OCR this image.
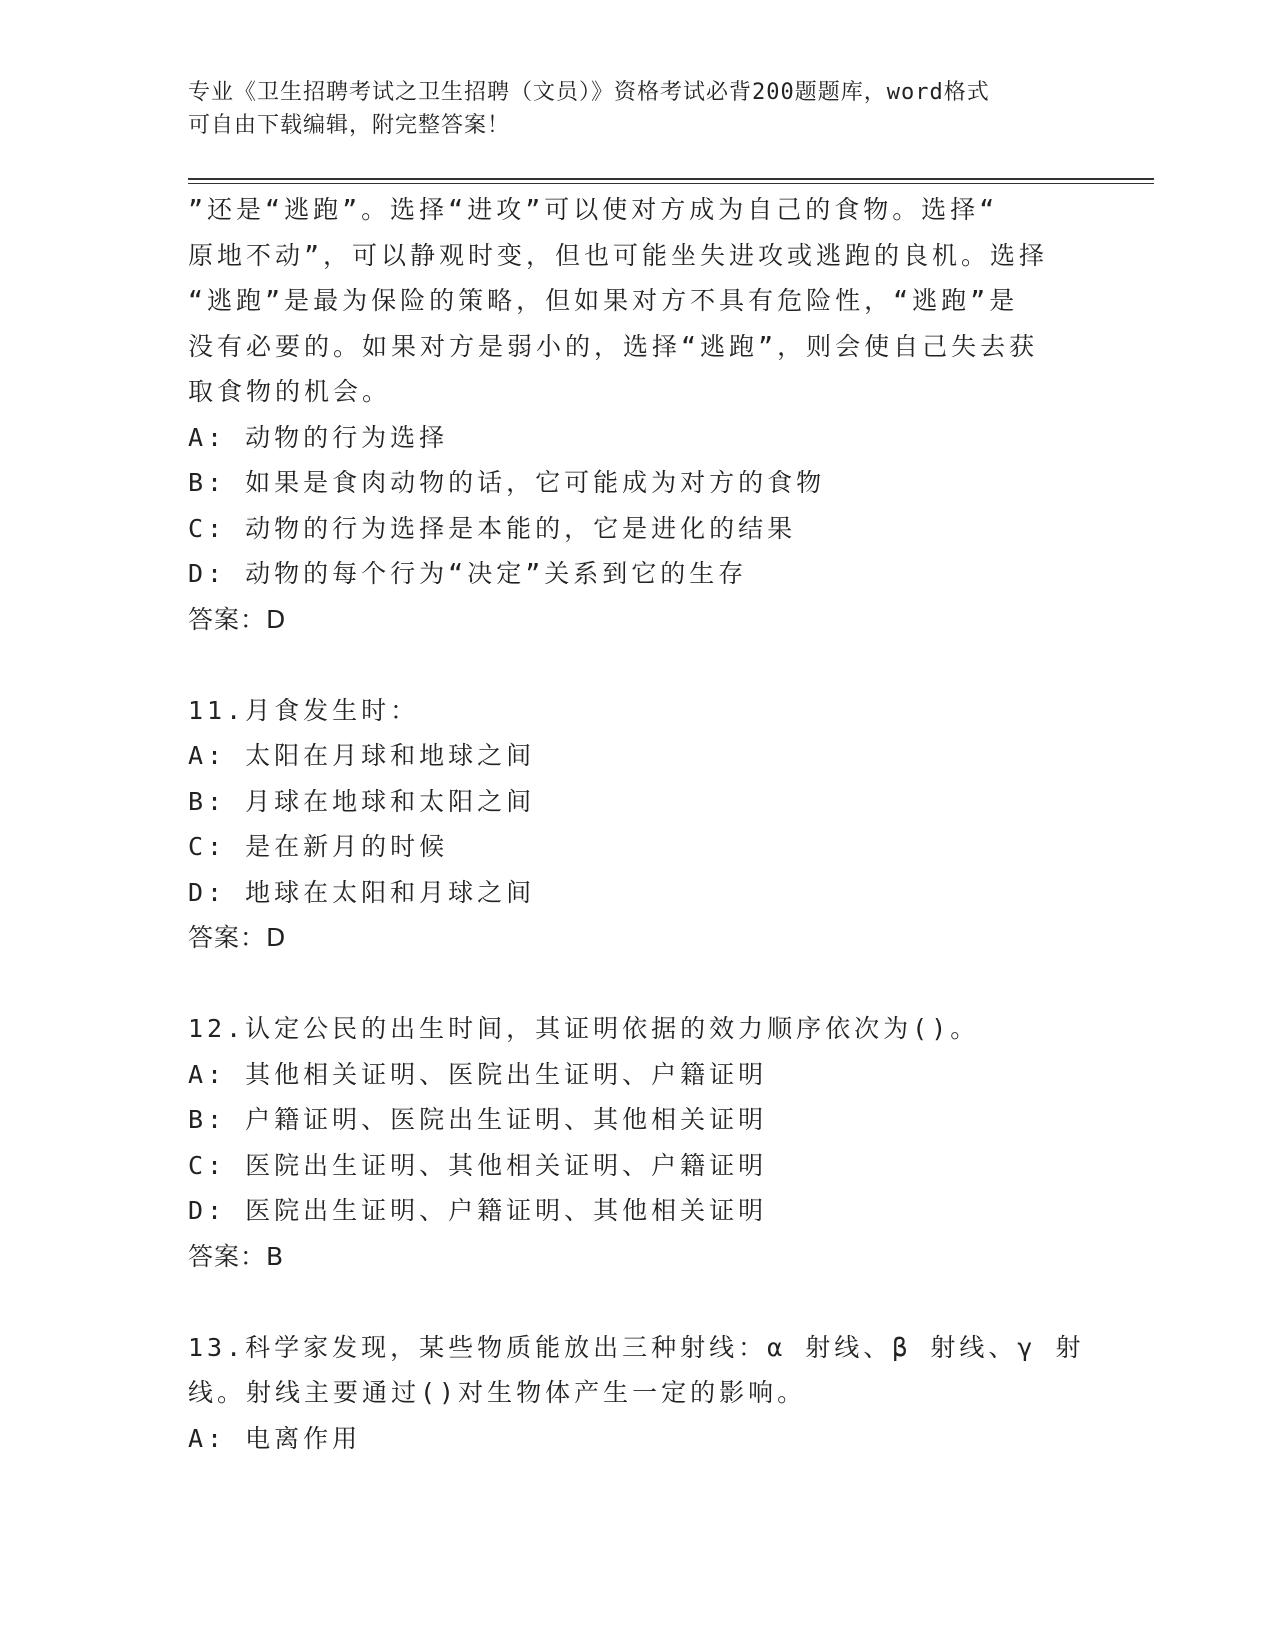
专业《卫生招聘考试之卫生招聘（文员）》资格考试必背200题题库，word格式
可自由下载编辑，附完整答案！
”还是“逃跑”。选择“进攻”可以使对方成为自己的食物。选择“
原地不动”，可以静观时变，但也可能坐失进攻或逃跑的良机。选择
“逃跑”是最为保险的策略，但如果对方不具有危险性，“逃跑”是
没有必要的。如果对方是弱小的，选择“逃跑”，则会使自己失去获
取食物的机会。
A: 动物的行为选择
B: 如果是食肉动物的话，它可能成为对方的食物
C: 动物的行为选择是本能的，它是进化的结果
D: 动物的每个行为“决定”关系到它的生存
答案：D
11.月食发生时：
A: 太阳在月球和地球之间
B: 月球在地球和太阳之间
C: 是在新月的时候
D: 地球在太阳和月球之间
答案：D
12.认定公民的出生时间，其证明依据的效力顺序依次为()。
A: 其他相关证明、医院出生证明、户籍证明
B: 户籍证明、医院出生证明、其他相关证明
C: 医院出生证明、其他相关证明、户籍证明
D: 医院出生证明、户籍证明、其他相关证明
答案：B
13.科学家发现，某些物质能放出三种射线：α 射线、β 射线、γ 射
线。射线主要通过()对生物体产生一定的影响。
A: 电离作用
